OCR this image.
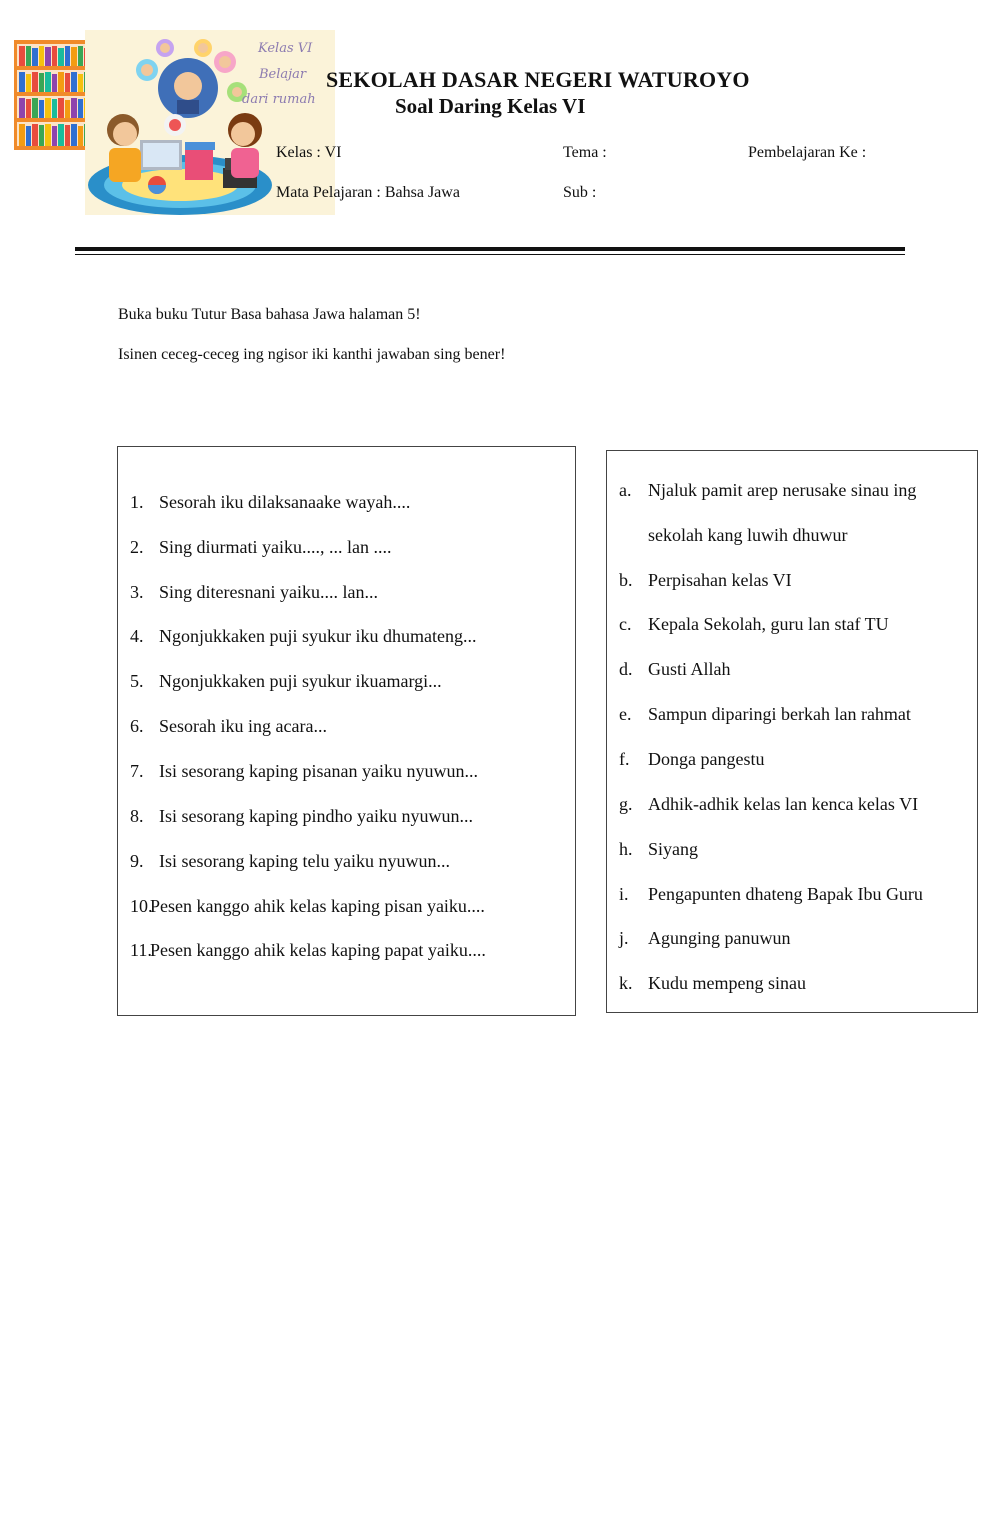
Kelas VI
Belajar
dari rumah
SEKOLAH DASAR NEGERI WATUROYO
Soal Daring Kelas VI
Kelas : VI	Tema :	Pembelajaran Ke :
Mata Pelajaran : Bahsa Jawa	Sub :
Buka buku Tutur Basa bahasa Jawa halaman 5!
Isinen ceceg-ceceg ing ngisor iki kanthi jawaban sing bener!
1. Sesorah iku dilaksanaake wayah....
2. Sing diurmati yaiku...., ... lan ....
3. Sing diteresnani yaiku.... lan...
4. Ngonjukkaken puji syukur iku dhumateng...
5. Ngonjukkaken puji syukur ikuamargi...
6. Sesorah iku ing acara...
7. Isi sesorang kaping pisanan yaiku nyuwun...
8. Isi sesorang kaping pindho yaiku nyuwun...
9. Isi sesorang kaping telu yaiku nyuwun...
10.
Pesen kanggo ahik kelas kaping pisan yaiku....
11.
Pesen kanggo ahik kelas kaping papat yaiku....
a. Njaluk pamit arep nerusake sinau ing
sekolah kang luwih dhuwur
b. Perpisahan kelas VI
c. Kepala Sekolah, guru lan staf TU
d. Gusti Allah
e. Sampun diparingi berkah lan rahmat
f. Donga pangestu
g. Adhik-adhik kelas lan kenca kelas VI
h. Siyang
i. Pengapunten dhateng Bapak Ibu Guru
j. Agunging panuwun
k. Kudu mempeng sinau
